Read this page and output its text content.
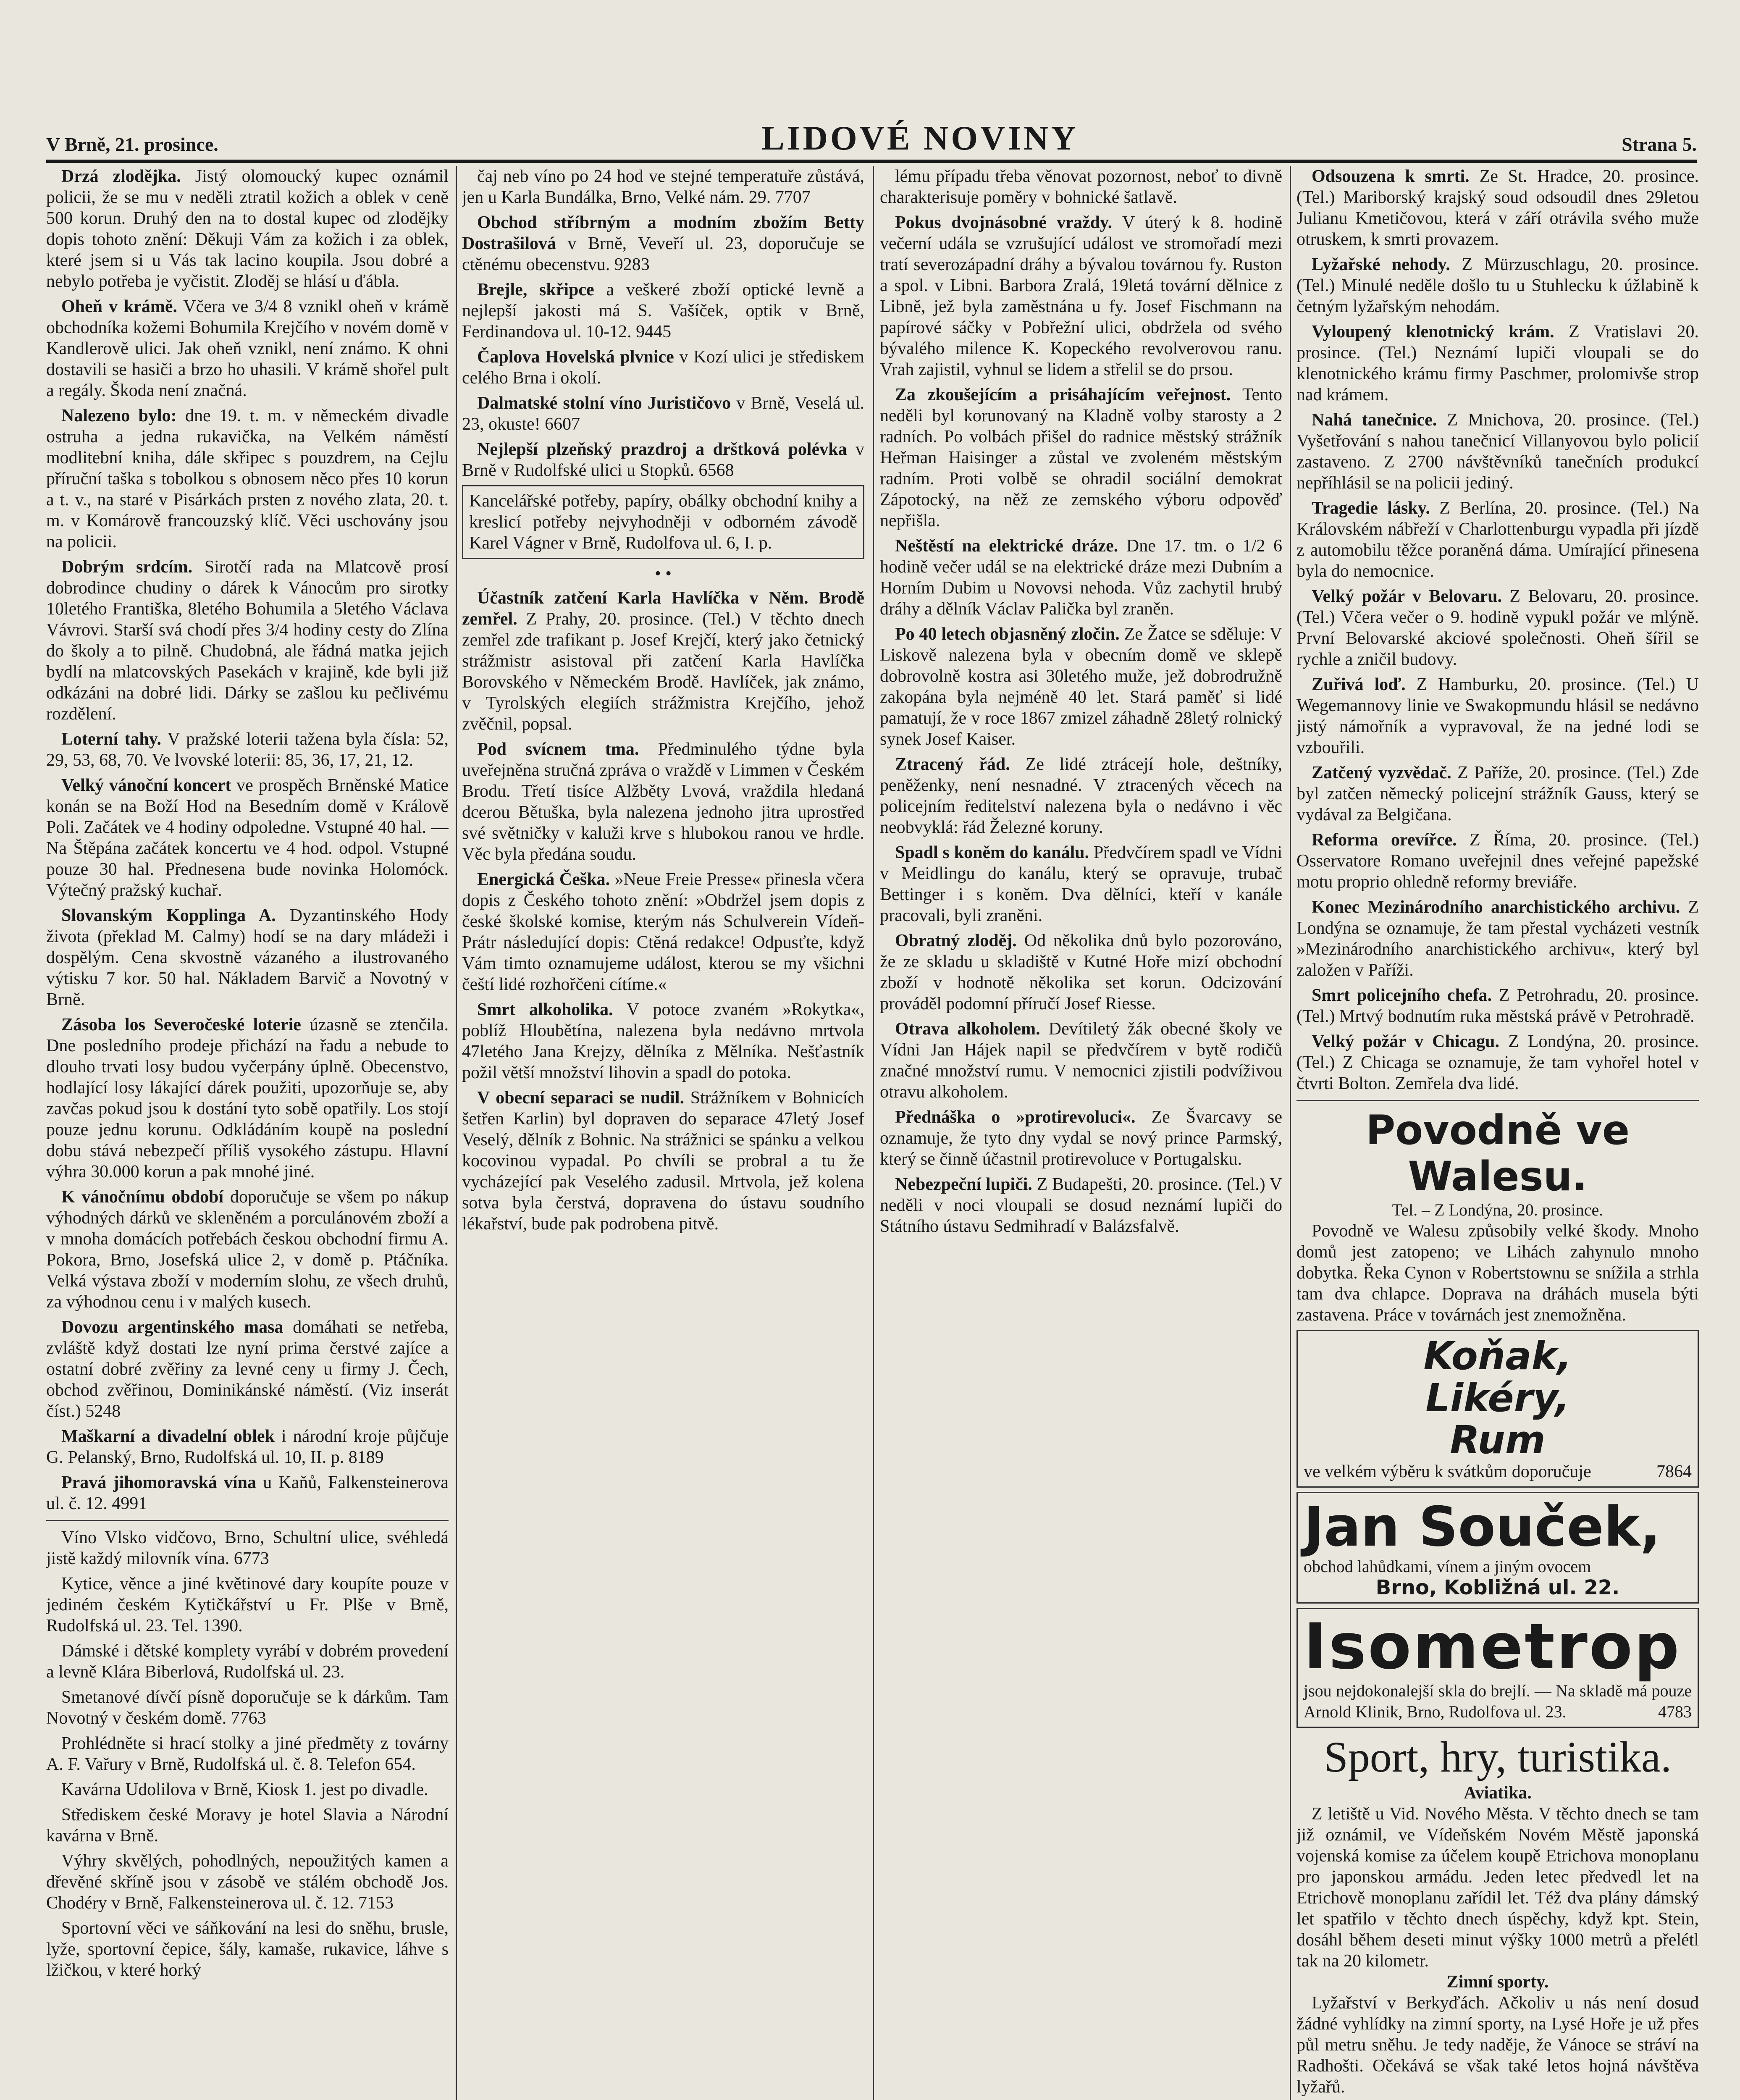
V Brně, 21. prosince.	LIDOVÉ NOVINY	Strana 5.

Drzá zlodějka. Jistý olomoucký kupec oznámil policii, že se mu v neděli ztratil kožich a oblek v ceně 500 korun. Druhý den na to dostal kupec od zlodějky dopis tohoto znění: Děkuji Vám za kožich i za oblek, které jsem si u Vás tak lacino koupila. Jsou dobré a nebylo potřeba je vyčistit. Zloděj se hlásí u ďábla.

Oheň v krámě. Včera ve 3/4 8 vznikl oheň v krámě obchodníka kožemi Bohumila Krejčího v novém domě v Kandlerově ulici. Jak oheň vznikl, není známo. K ohni dostavili se hasiči a brzo ho uhasili. V krámě shořel pult a regály. Škoda není značná.

Nalezeno bylo: dne 19. t. m. v německém divadle ostruha a jedna rukavička, na Velkém náměstí modlitební kniha, dále skřipec s pouzdrem, na Cejlu příruční taška s tobolkou s obnosem něco přes 10 korun a t. v., na staré v Pisárkách prsten z nového zlata, 20. t. m. v Komárově francouzský klíč. Věci uschovány jsou na policii.

Dobrým srdcím. Sirotčí rada na Mlatcově prosí dobrodince chudiny o dárek k Vánocům pro sirotky 10letého Františka, 8letého Bohumila a 5letého Václava Vávrovi. Starší svá chodí přes 3/4 hodiny cesty do Zlína do školy a to pilně. Chudobná, ale řádná matka jejich bydlí na mlatcovských Pasekách v krajině, kde byli již odkázáni na dobré lidi. Dárky se zašlou ku pečlivému rozdělení.

Loterní tahy. V pražské loterii tažena byla čísla: 52, 29, 53, 68, 70. Ve lvovské loterii: 85, 36, 17, 21, 12.

Velký vánoční koncert ve prospěch Brněnské Matice konán se na Boží Hod na Besedním domě v Králově Poli. Začátek ve 4 hodiny odpoledne. Vstupné 40 hal. — Na Štěpána začátek koncertu ve 4 hod. odpol. Vstupné pouze 30 hal. Přednesena bude novinka Holomóck. Výtečný pražský kuchař.

Slovanským Kopplinga A. Dyzantinského Hody života (překlad M. Calmy) hodí se na dary mládeži i dospělým. Cena skvostně vázaného a ilustrovaného výtisku 7 kor. 50 hal. Nákladem Barvič a Novotný v Brně.

Zásoba los Severočeské loterie úzasně se ztenčila. Dne posledního prodeje přichází na řadu a nebude to dlouho trvati losy budou vyčerpány úplně. Obecenstvo, hodlající losy lákající dárek použiti, upozorňuje se, aby zavčas pokud jsou k dostání tyto sobě opatřily. Los stojí pouze jednu korunu. Odkládáním koupě na poslední dobu stává nebezpečí příliš vysokého zástupu. Hlavní výhra 30.000 korun a pak mnohé jiné.

K vánočnímu období doporučuje se všem po nákup výhodných dárků ve skleněném a porculánovém zboží a v mnoha domácích potřebách českou obchodní firmu A. Pokora, Brno, Josefská ulice 2, v domě p. Ptáčníka. Velká výstava zboží v moderním slohu, ze všech druhů, za výhodnou cenu i v malých kusech.

Dovozu argentinského masa domáhati se netřeba, zvláště když dostati lze nyní prima čerstvé zajíce a ostatní dobré zvěřiny za levné ceny u firmy J. Čech, obchod zvěřinou, Dominikánské náměstí. (Viz inserát číst.) 5248

Maškarní a divadelní oblek i národní kroje půjčuje G. Pelanský, Brno, Rudolfská ul. 10, II. p. 8189

Pravá jihomoravská vína u Kaňů, Falkensteinerova ul. č. 12. 4991

Víno Vlsko vidčovo, Brno, Schultní ulice, svéhledá jistě každý milovník vína. 6773

Kytice, věnce a jiné květinové dary koupíte pouze v jediném českém Kytičkářství u Fr. Plše v Brně, Rudolfská ul. 23. Tel. 1390.

Dámské i dětské komplety vyrábí v dobrém provedení a levně Klára Biberlová, Rudolfská ul. 23.

Smetanové dívčí písně doporučuje se k dárkům. Tam Novotný v českém domě. 7763

Prohlédněte si hrací stolky a jiné předměty z továrny A. F. Vařury v Brně, Rudolfská ul. č. 8. Telefon 654.

Kavárna Udolilova v Brně, Kiosk 1. jest po divadle.

Střediskem české Moravy je hotel Slavia a Národní kavárna v Brně.

Výhry skvělých, pohodlných, nepoužitých kamen a dřevěné skříně jsou v zásobě ve stálém obchodě Jos. Chodéry v Brně, Falkensteinerova ul. č. 12. 7153

Sportovní věci ve sáňkování na lesi do sněhu, brusle, lyže, sportovní čepice, šály, kamaše, rukavice, láhve s lžičkou, v které horký

čaj neb víno po 24 hod ve stejné temperatuře zůstává, jen u Karla Bundálka, Brno, Velké nám. 29. 7707

Obchod stříbrným a modním zbožím Betty Dostrašilová v Brně, Veveří ul. 23, doporučuje se ctěnému obecenstvu. 9283

Brejle, skřipce a veškeré zboží optické levně a nejlepší jakosti má S. Vašíček, optik v Brně, Ferdinandova ul. 10-12. 9445

Čaplova Hovelská plvnice v Kozí ulici je střediskem celého Brna i okolí.

Dalmatské stolní víno Jurističovo v Brně, Veselá ul. 23, okuste! 6607

Nejlepší plzeňský prazdroj a drštková polévka v Brně v Rudolfské ulici u Stopků. 6568

Kancelářské potřeby, papíry, obálky obchodní knihy a kreslicí potřeby nejvyhodněji v odborném závodě Karel Vágner v Brně, Rudolfova ul. 6, I. p.

• •

Účastník zatčení Karla Havlíčka v Něm. Brodě zemřel. Z Prahy, 20. prosince. (Tel.) V těchto dnech zemřel zde trafikant p. Josef Krejčí, který jako četnický strážmistr asistoval při zatčení Karla Havlíčka Borovského v Německém Brodě. Havlíček, jak známo, v Tyrolských elegiích strážmistra Krejčího, jehož zvěčnil, popsal.

Pod svícnem tma. Předminulého týdne byla uveřejněna stručná zpráva o vraždě v Limmen v Českém Brodu. Třetí tisíce Alžběty Lvová, vraždila hledaná dcerou Bětuška, byla nalezena jednoho jitra uprostřed své světničky v kaluži krve s hlubokou ranou ve hrdle. Věc byla předána soudu.

Energická Češka. »Neue Freie Presse« přinesla včera dopis z Českého tohoto znění: »Obdržel jsem dopis z české školské komise, kterým nás Schulverein Vídeň-Prátr následující dopis: Ctěná redakce! Odpusťte, když Vám timto oznamujeme událost, kterou se my všichni čeští lidé rozhořčeni cítíme.«

Smrt alkoholika. V potoce zvaném »Rokytka«, poblíž Hloubětína, nalezena byla nedávno mrtvola 47letého Jana Krejzy, dělníka z Mělníka. Nešťastník požil větší množství lihovin a spadl do potoka.

V obecní separaci se nudil. Strážníkem v Bohnicích šetřen Karlin) byl dopraven do separace 47letý Josef Veselý, dělník z Bohnic. Na strážnici se spánku a velkou kocovinou vypadal. Po chvíli se probral a tu že vycházející pak Veselého zadusil. Mrtvola, jež kolena sotva byla čerstvá, dopravena do ústavu soudního lékařství, bude pak podrobena pitvě.

lému případu třeba věnovat pozornost, neboť to divně charakterisuje poměry v bohnické šatlavě.

Pokus dvojnásobné vraždy. V úterý k 8. hodině večerní udála se vzrušující událost ve stromořadí mezi tratí severozápadní dráhy a bývalou továrnou fy. Ruston a spol. v Libni. Barbora Zralá, 19letá tovární dělnice z Libně, jež byla zaměstnána u fy. Josef Fischmann na papírové sáčky v Pobřežní ulici, obdržela od svého bývalého milence K. Kopeckého revolverovou ranu. Vrah zajistil, vyhnul se lidem a střelil se do prsou.

Za zkoušejícím a prisáhajícím veřejnost. Tento neděli byl korunovaný na Kladně volby starosty a 2 radních. Po volbách přišel do radnice městský strážník Heřman Haisinger a zůstal ve zvoleném městským radním. Proti volbě se ohradil sociální demokrat Zápotocký, na něž ze zemského výboru odpověď nepřišla.

Neštěstí na elektrické dráze. Dne 17. tm. o 1/2 6 hodině večer udál se na elektrické dráze mezi Dubním a Horním Dubim u Novovsi nehoda. Vůz zachytil hrubý dráhy a dělník Václav Palička byl zraněn.

Po 40 letech objasněný zločin. Ze Žatce se sděluje: V Liskově nalezena byla v obecním domě ve sklepě dobrovolně kostra asi 30letého muže, jež dobrodružně zakopána byla nejméně 40 let. Stará paměť si lidé pamatují, že v roce 1867 zmizel záhadně 28letý rolnický synek Josef Kaiser.

Ztracený řád. Ze lidé ztrácejí hole, deštníky, peněženky, není nesnadné. V ztracených věcech na policejním ředitelství nalezena byla o nedávno i věc neobvyklá: řád Železné koruny.

Spadl s koněm do kanálu. Předvčírem spadl ve Vídni v Meidlingu do kanálu, který se opravuje, trubač Bettinger i s koněm. Dva dělníci, kteří v kanále pracovali, byli zraněni.

Obratný zloděj. Od několika dnů bylo pozorováno, že ze skladu u skladiště v Kutné Hoře mizí obchodní zboží v hodnotě několika set korun. Odcizování prováděl podomní příručí Josef Riesse.

Otrava alkoholem. Devítiletý žák obecné školy ve Vídni Jan Hájek napil se předvčírem v bytě rodičů značné množství rumu. V nemocnici zjistili podvíživou otravu alkoholem.

Přednáška o »protirevoluci«. Ze Švarcavy se oznamuje, že tyto dny vydal se nový prince Parmský, který se činně účastnil protirevoluce v Portugalsku.

Nebezpeční lupiči. Z Budapešti, 20. prosince. (Tel.) V neděli v noci vloupali se dosud neznámí lupiči do Státního ústavu Sedmihradí v Balázsfalvě.

Odsouzena k smrti. Ze St. Hradce, 20. prosince. (Tel.) Mariborský krajský soud odsoudil dnes 29letou Julianu Kmetičovou, která v září otrávila svého muže otruskem, k smrti provazem.

Lyžařské nehody. Z Mürzuschlagu, 20. prosince. (Tel.) Minulé neděle došlo tu u Stuhlecku k úžlabině k četným lyžařským nehodám.

Vyloupený klenotnický krám. Z Vratislavi 20. prosince. (Tel.) Neznámí lupiči vloupali se do klenotnického krámu firmy Paschmer, prolomivše strop nad krámem.

Nahá tanečnice. Z Mnichova, 20. prosince. (Tel.) Vyšetřování s nahou tanečnicí Villanyovou bylo policií zastaveno. Z 2700 návštěvníků tanečních produkcí nepříhlásil se na policii jediný.

Tragedie lásky. Z Berlína, 20. prosince. (Tel.) Na Královském nábřeží v Charlottenburgu vypadla při jízdě z automobilu těžce poraněná dáma. Umírající přinesena byla do nemocnice.

Velký požár v Belovaru. Z Belovaru, 20. prosince. (Tel.) Včera večer o 9. hodině vypukl požár ve mlýně. První Belovarské akciové společnosti. Oheň šířil se rychle a zničil budovy.

Zuřivá loď. Z Hamburku, 20. prosince. (Tel.) U Wegemannovy linie ve Swakopmundu hlásil se nedávno jistý námořník a vypravoval, že na jedné lodi se vzbouřili.

Zatčený vyzvědač. Z Paříže, 20. prosince. (Tel.) Zde byl zatčen německý policejní strážník Gauss, který se vydával za Belgičana.

Reforma orevířce. Z Říma, 20. prosince. (Tel.) Osservatore Romano uveřejnil dnes veřejné papežské motu proprio ohledně reformy breviáře.

Konec Mezinárodního anarchistického archivu. Z Londýna se oznamuje, že tam přestal vycházeti vestník »Mezinárodního anarchistického archivu«, který byl založen v Paříži.

Smrt policejního chefa. Z Petrohradu, 20. prosince. (Tel.) Mrtvý bodnutím ruka městská právě v Petrohradě.

Velký požár v Chicagu. Z Londýna, 20. prosince. (Tel.) Z Chicaga se oznamuje, že tam vyhořel hotel v čtvrti Bolton. Zemřela dva lidé.

Povodně ve Walesu.
Tel. – Z Londýna, 20. prosince.

Povodně ve Walesu způsobily velké škody. Mnoho domů jest zatopeno; ve Lihách zahynulo mnoho dobytka. Řeka Cynon v Robertstownu se snížila a strhla tam dva chlapce. Doprava na dráhách musela býti zastavena. Práce v továrnách jest znemožněna.

Koňak,
Likéry,
Rum

ve velkém výběru k svátkům doporučuje	7864

Jan Souček,

obchod lahůdkami, vínem a jiným ovocem

Brno, Kobližná ul. 22.
Isometrop

jsou nejdokonalejší skla do brejlí. — Na skladě má pouze Arnold Klinik, Brno, Rudolfova ul. 23.	4783

Sport, hry, turistika.
Aviatika.

Z letiště u Vid. Nového Města. V těchto dnech se tam již oznámil, ve Vídeňském Novém Městě japonská vojenská komise za účelem koupě Etrichova monoplanu pro japonskou armádu. Jeden letec předvedl let na Etrichově monoplanu zařídil let. Též dva plány dámský let spatřilo v těchto dnech úspěchy, když kpt. Stein, dosáhl během deseti minut výšky 1000 metrů a přelétl tak na 20 kilometr.

Zimní sporty.

Lyžařství v Berkyďách. Ačkoliv u nás není dosud žádné vyhlídky na zimní sporty, na Lysé Hoře je už přes půl metru sněhu. Je tedy naděje, že Vánoce se stráví na Radhošti. Očekává se však také letos hojná návštěva lyžařů.
